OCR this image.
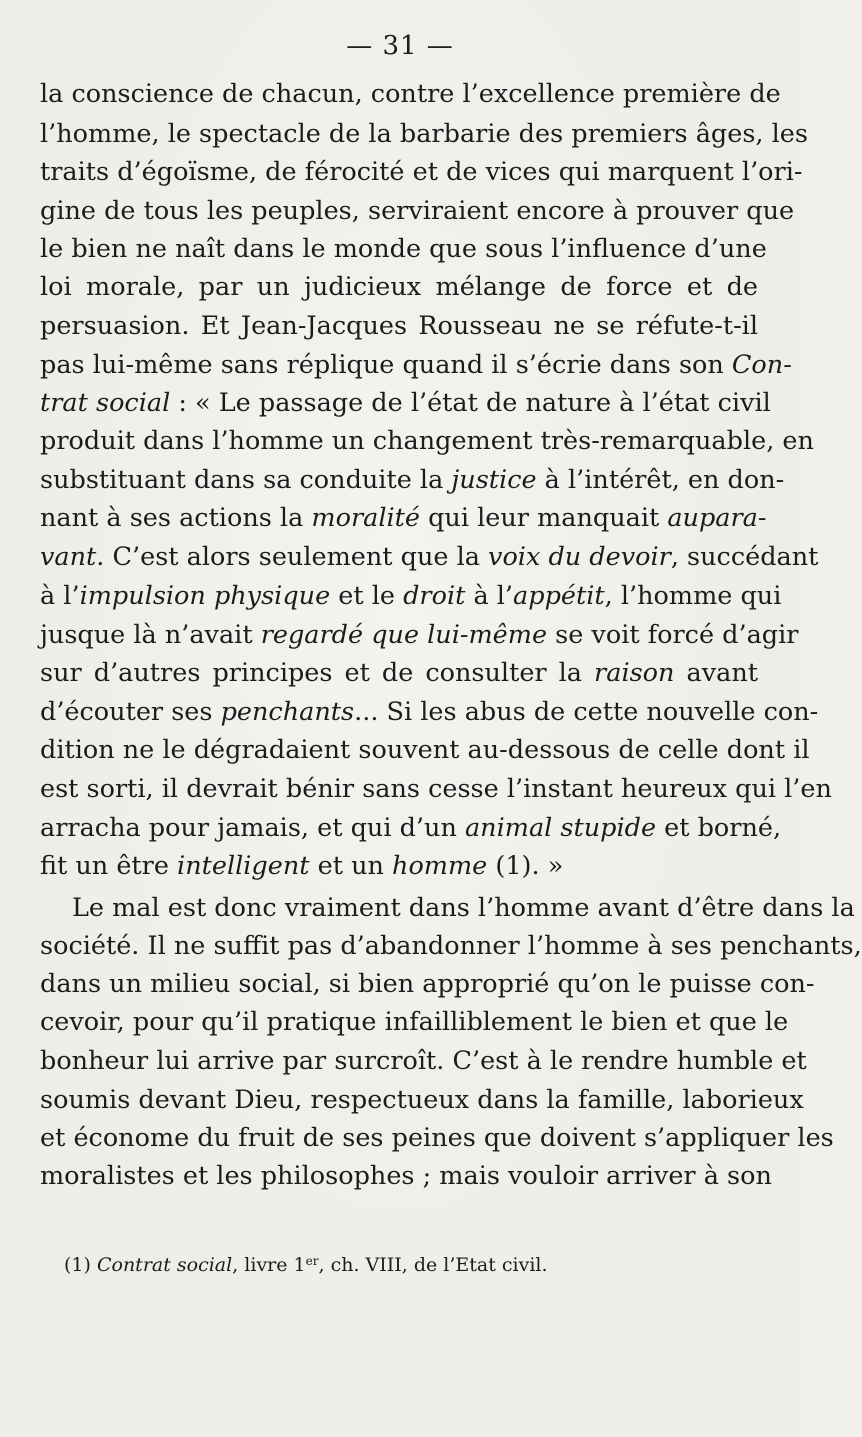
— 31 —
la conscience de chacun, contre l’excellence première de
l’homme, le spectacle de la barbarie des premiers âges, les
traits d’égoïsme, de férocité et de vices qui marquent l’ori-
gine de tous les peuples, serviraient encore à prouver que
le bien ne naît dans le monde que sous l’influence d’une
loi morale, par un judicieux mélange de force et de
persuasion. Et Jean-Jacques Rousseau ne se réfute-t-il
pas lui-même sans réplique quand il s’écrie dans son Con-
trat social : « Le passage de l’état de nature à l’état civil
produit dans l’homme un changement très-remarquable, en
substituant dans sa conduite la justice à l’intérêt, en don-
nant à ses actions la moralité qui leur manquait aupara-
vant. C’est alors seulement que la voix du devoir, succédant
à l’impulsion physique et le droit à l’appétit, l’homme qui
jusque là n’avait regardé que lui-même se voit forcé d’agir
sur d’autres principes et de consulter la raison avant
d’écouter ses penchants... Si les abus de cette nouvelle con-
dition ne le dégradaient souvent au-dessous de celle dont il
est sorti, il devrait bénir sans cesse l’instant heureux qui l’en
arracha pour jamais, et qui d’un animal stupide et borné,
fit un être intelligent et un homme (1). »
Le mal est donc vraiment dans l’homme avant d’être dans la
société. Il ne suffit pas d’abandonner l’homme à ses penchants,
dans un milieu social, si bien approprié qu’on le puisse con-
cevoir, pour qu’il pratique infailliblement le bien et que le
bonheur lui arrive par surcroît. C’est à le rendre humble et
soumis devant Dieu, respectueux dans la famille, laborieux
et économe du fruit de ses peines que doivent s’appliquer les
moralistes et les philosophes ; mais vouloir arriver à son
(1) Contrat social, livre 1er, ch. VIII, de l’Etat civil.
